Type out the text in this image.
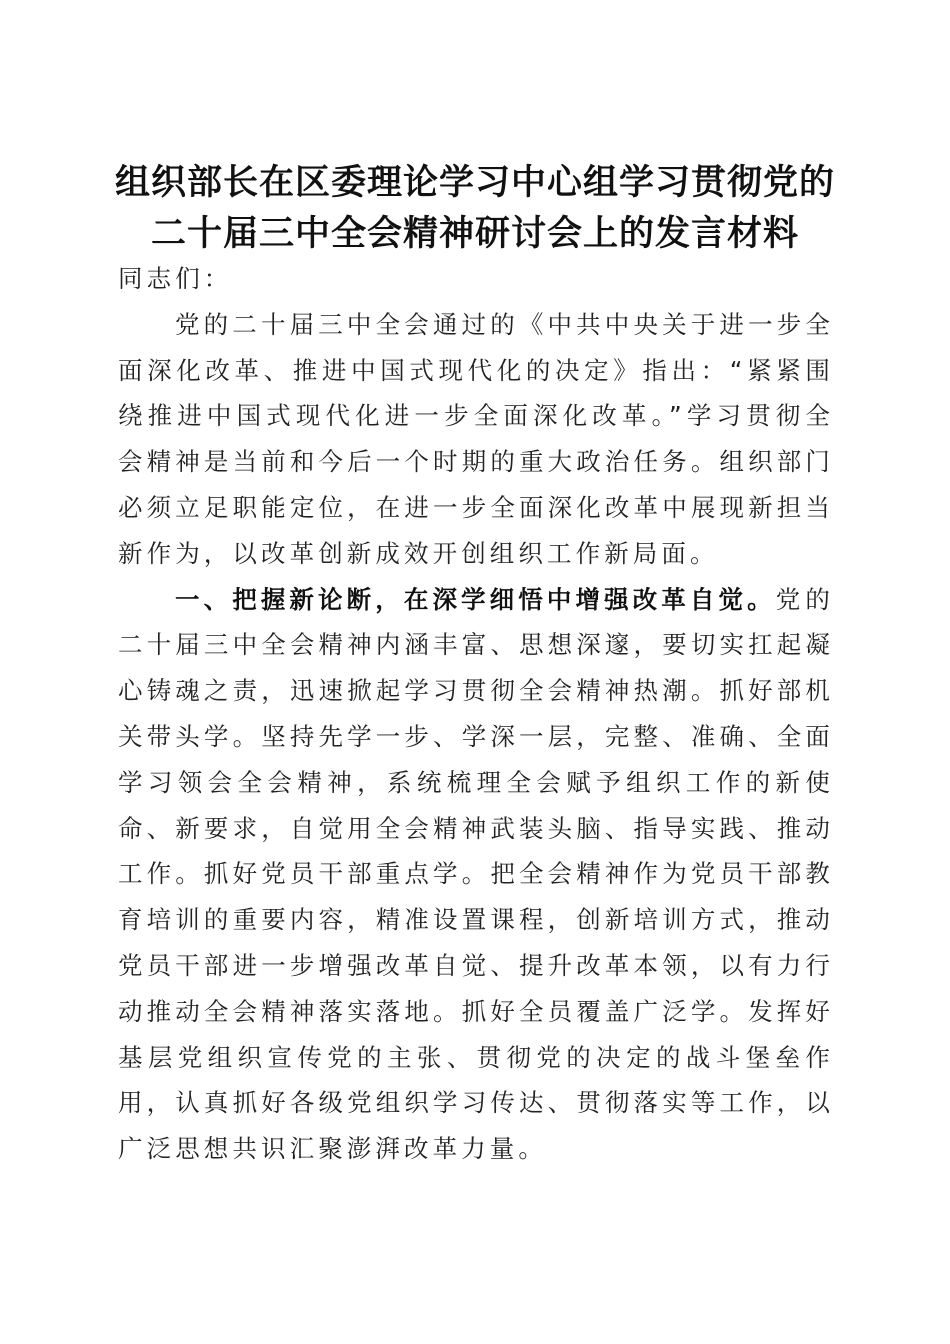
组织部长在区委理论学习中心组学习贯彻党的
二十届三中全会精神研讨会上的发言材料

同志们：

党的二十届三中全会通过的《中共中央关于进一步全面深化改革、推进中国式现代化的决定》指出：“紧紧围绕推进中国式现代化进一步全面深化改革。”学习贯彻全会精神是当前和今后一个时期的重大政治任务。组织部门必须立足职能定位，在进一步全面深化改革中展现新担当新作为，以改革创新成效开创组织工作新局面。

一、把握新论断，在深学细悟中增强改革自觉。党的二十届三中全会精神内涵丰富、思想深邃，要切实扛起凝心铸魂之责，迅速掀起学习贯彻全会精神热潮。抓好部机关带头学。坚持先学一步、学深一层，完整、准确、全面学习领会全会精神，系统梳理全会赋予组织工作的新使命、新要求，自觉用全会精神武装头脑、指导实践、推动工作。抓好党员干部重点学。把全会精神作为党员干部教育培训的重要内容，精准设置课程，创新培训方式，推动党员干部进一步增强改革自觉、提升改革本领，以有力行动推动全会精神落实落地。抓好全员覆盖广泛学。发挥好基层党组织宣传党的主张、贯彻党的决定的战斗堡垒作用，认真抓好各级党组织学习传达、贯彻落实等工作，以广泛思想共识汇聚澎湃改革力量。
